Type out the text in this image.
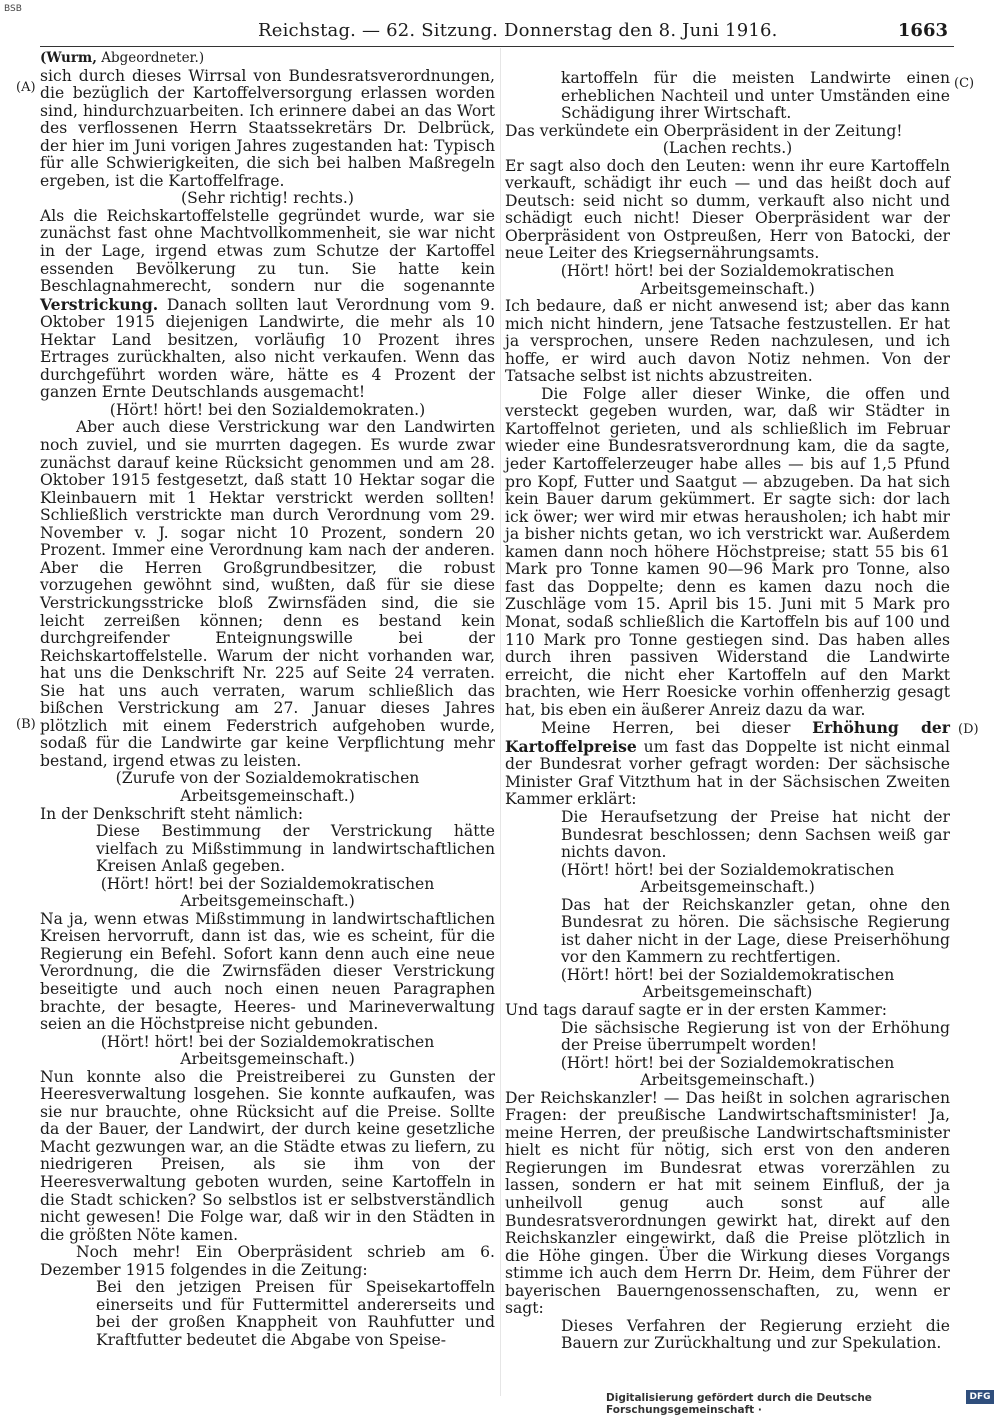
BSB
Reichstag. — 62. Sitzung. Donnerstag den 8. Juni 1916.	1663
(A)
(B)
(C)
(D)

(Wurm, Abgeordneter.)

sich durch dieses Wirrsal von Bundesratsverordnungen, die bezüglich der Kartoffelversorgung erlassen worden sind, hindurchzuarbeiten. Ich erinnere dabei an das Wort des verflossenen Herrn Staatssekretärs Dr. Delbrück, der hier im Juni vorigen Jahres zugestanden hat: Typisch für alle Schwierigkeiten, die sich bei halben Maßregeln ergeben, ist die Kartoffelfrage.

(Sehr richtig! rechts.)

Als die Reichskartoffelstelle gegründet wurde, war sie zunächst fast ohne Machtvollkommenheit, sie war nicht in der Lage, irgend etwas zum Schutze der Kartoffel essenden Bevölkerung zu tun. Sie hatte kein Beschlagnahmerecht, sondern nur die sogenannte Verstrickung. Danach sollten laut Verordnung vom 9. Oktober 1915 diejenigen Landwirte, die mehr als 10 Hektar Land besitzen, vorläufig 10 Prozent ihres Ertrages zurückhalten, also nicht verkaufen. Wenn das durchgeführt worden wäre, hätte es 4 Prozent der ganzen Ernte Deutschlands ausgemacht!

(Hört! hört! bei den Sozialdemokraten.)

Aber auch diese Verstrickung war den Landwirten noch zuviel, und sie murrten dagegen. Es wurde zwar zunächst darauf keine Rücksicht genommen und am 28. Oktober 1915 festgesetzt, daß statt 10 Hektar sogar die Kleinbauern mit 1 Hektar verstrickt werden sollten! Schließlich verstrickte man durch Verordnung vom 29. November v. J. sogar nicht 10 Prozent, sondern 20 Prozent. Immer eine Verordnung kam nach der anderen. Aber die Herren Großgrundbesitzer, die robust vorzugehen gewöhnt sind, wußten, daß für sie diese Verstrickungsstricke bloß Zwirnsfäden sind, die sie leicht zerreißen können; denn es bestand kein durchgreifender Enteignungswille bei der Reichskartoffelstelle. Warum der nicht vorhanden war, hat uns die Denkschrift Nr. 225 auf Seite 24 verraten. Sie hat uns auch verraten, warum schließlich das bißchen Verstrickung am 27. Januar dieses Jahres plötzlich mit einem Federstrich aufgehoben wurde, sodaß für die Landwirte gar keine Verpflichtung mehr bestand, irgend etwas zu leisten.

(Zurufe von der Sozialdemokratischen Arbeitsgemeinschaft.)

In der Denkschrift steht nämlich:

Diese Bestimmung der Verstrickung hätte vielfach zu Mißstimmung in landwirtschaftlichen Kreisen Anlaß gegeben.

(Hört! hört! bei der Sozialdemokratischen Arbeitsgemeinschaft.)

Na ja, wenn etwas Mißstimmung in landwirtschaftlichen Kreisen hervorruft, dann ist das, wie es scheint, für die Regierung ein Befehl. Sofort kann denn auch eine neue Verordnung, die die Zwirnsfäden dieser Verstrickung beseitigte und auch noch einen neuen Paragraphen brachte, der besagte, Heeres- und Marineverwaltung seien an die Höchstpreise nicht gebunden.

(Hört! hört! bei der Sozialdemokratischen Arbeitsgemeinschaft.)

Nun konnte also die Preistreiberei zu Gunsten der Heeresverwaltung losgehen. Sie konnte aufkaufen, was sie nur brauchte, ohne Rücksicht auf die Preise. Sollte da der Bauer, der Landwirt, der durch keine gesetzliche Macht gezwungen war, an die Städte etwas zu liefern, zu niedrigeren Preisen, als sie ihm von der Heeresverwaltung geboten wurden, seine Kartoffeln in die Stadt schicken? So selbstlos ist er selbstverständlich nicht gewesen! Die Folge war, daß wir in den Städten in die größten Nöte kamen.

Noch mehr! Ein Oberpräsident schrieb am 6. Dezember 1915 folgendes in die Zeitung:

Bei den jetzigen Preisen für Speisekartoffeln einerseits und für Futtermittel andererseits und bei der großen Knappheit von Rauhfutter und Kraftfutter bedeutet die Abgabe von Speise-

kartoffeln für die meisten Landwirte einen erheblichen Nachteil und unter Umständen eine Schädigung ihrer Wirtschaft.

Das verkündete ein Oberpräsident in der Zeitung!

(Lachen rechts.)

Er sagt also doch den Leuten: wenn ihr eure Kartoffeln verkauft, schädigt ihr euch — und das heißt doch auf Deutsch: seid nicht so dumm, verkauft also nicht und schädigt euch nicht! Dieser Oberpräsident war der Oberpräsident von Ostpreußen, Herr von Batocki, der neue Leiter des Kriegsernährungsamts.

(Hört! hört! bei der Sozialdemokratischen Arbeitsgemeinschaft.)

Ich bedaure, daß er nicht anwesend ist; aber das kann mich nicht hindern, jene Tatsache festzustellen. Er hat ja versprochen, unsere Reden nachzulesen, und ich hoffe, er wird auch davon Notiz nehmen. Von der Tatsache selbst ist nichts abzustreiten.

Die Folge aller dieser Winke, die offen und versteckt gegeben wurden, war, daß wir Städter in Kartoffelnot gerieten, und als schließlich im Februar wieder eine Bundesratsverordnung kam, die da sagte, jeder Kartoffelerzeuger habe alles — bis auf 1,5 Pfund pro Kopf, Futter und Saatgut — abzugeben. Da hat sich kein Bauer darum gekümmert. Er sagte sich: dor lach ick öwer; wer wird mir etwas herausholen; ich habt mir ja bisher nichts getan, wo ich verstrickt war. Außerdem kamen dann noch höhere Höchstpreise; statt 55 bis 61 Mark pro Tonne kamen 90—96 Mark pro Tonne, also fast das Doppelte; denn es kamen dazu noch die Zuschläge vom 15. April bis 15. Juni mit 5 Mark pro Monat, sodaß schließlich die Kartoffeln bis auf 100 und 110 Mark pro Tonne gestiegen sind. Das haben alles durch ihren passiven Widerstand die Landwirte erreicht, die nicht eher Kartoffeln auf den Markt brachten, wie Herr Roesicke vorhin offenherzig gesagt hat, bis eben ein äußerer Anreiz dazu da war.

Meine Herren, bei dieser Erhöhung der Kartoffelpreise um fast das Doppelte ist nicht einmal der Bundesrat vorher gefragt worden: Der sächsische Minister Graf Vitzthum hat in der Sächsischen Zweiten Kammer erklärt:

Die Heraufsetzung der Preise hat nicht der Bundesrat beschlossen; denn Sachsen weiß gar nichts davon.

(Hört! hört! bei der Sozialdemokratischen Arbeitsgemeinschaft.)

Das hat der Reichskanzler getan, ohne den Bundesrat zu hören. Die sächsische Regierung ist daher nicht in der Lage, diese Preiserhöhung vor den Kammern zu rechtfertigen.

(Hört! hört! bei der Sozialdemokratischen Arbeitsgemeinschaft)

Und tags darauf sagte er in der ersten Kammer:

Die sächsische Regierung ist von der Erhöhung der Preise überrumpelt worden!

(Hört! hört! bei der Sozialdemokratischen Arbeitsgemeinschaft.)

Der Reichskanzler! — Das heißt in solchen agrarischen Fragen: der preußische Landwirtschaftsminister! Ja, meine Herren, der preußische Landwirtschaftsminister hielt es nicht für nötig, sich erst von den anderen Regierungen im Bundesrat etwas vorerzählen zu lassen, sondern er hat mit seinem Einfluß, der ja unheilvoll genug auch sonst auf alle Bundesratsverordnungen gewirkt hat, direkt auf den Reichskanzler eingewirkt, daß die Preise plötzlich in die Höhe gingen. Über die Wirkung dieses Vorgangs stimme ich auch dem Herrn Dr. Heim, dem Führer der bayerischen Bauerngenossenschaften, zu, wenn er sagt:

Dieses Verfahren der Regierung erzieht die Bauern zur Zurückhaltung und zur Spekulation.

Digitalisierung gefördert durch die Deutsche Forschungsgemeinschaft ·
DFG
